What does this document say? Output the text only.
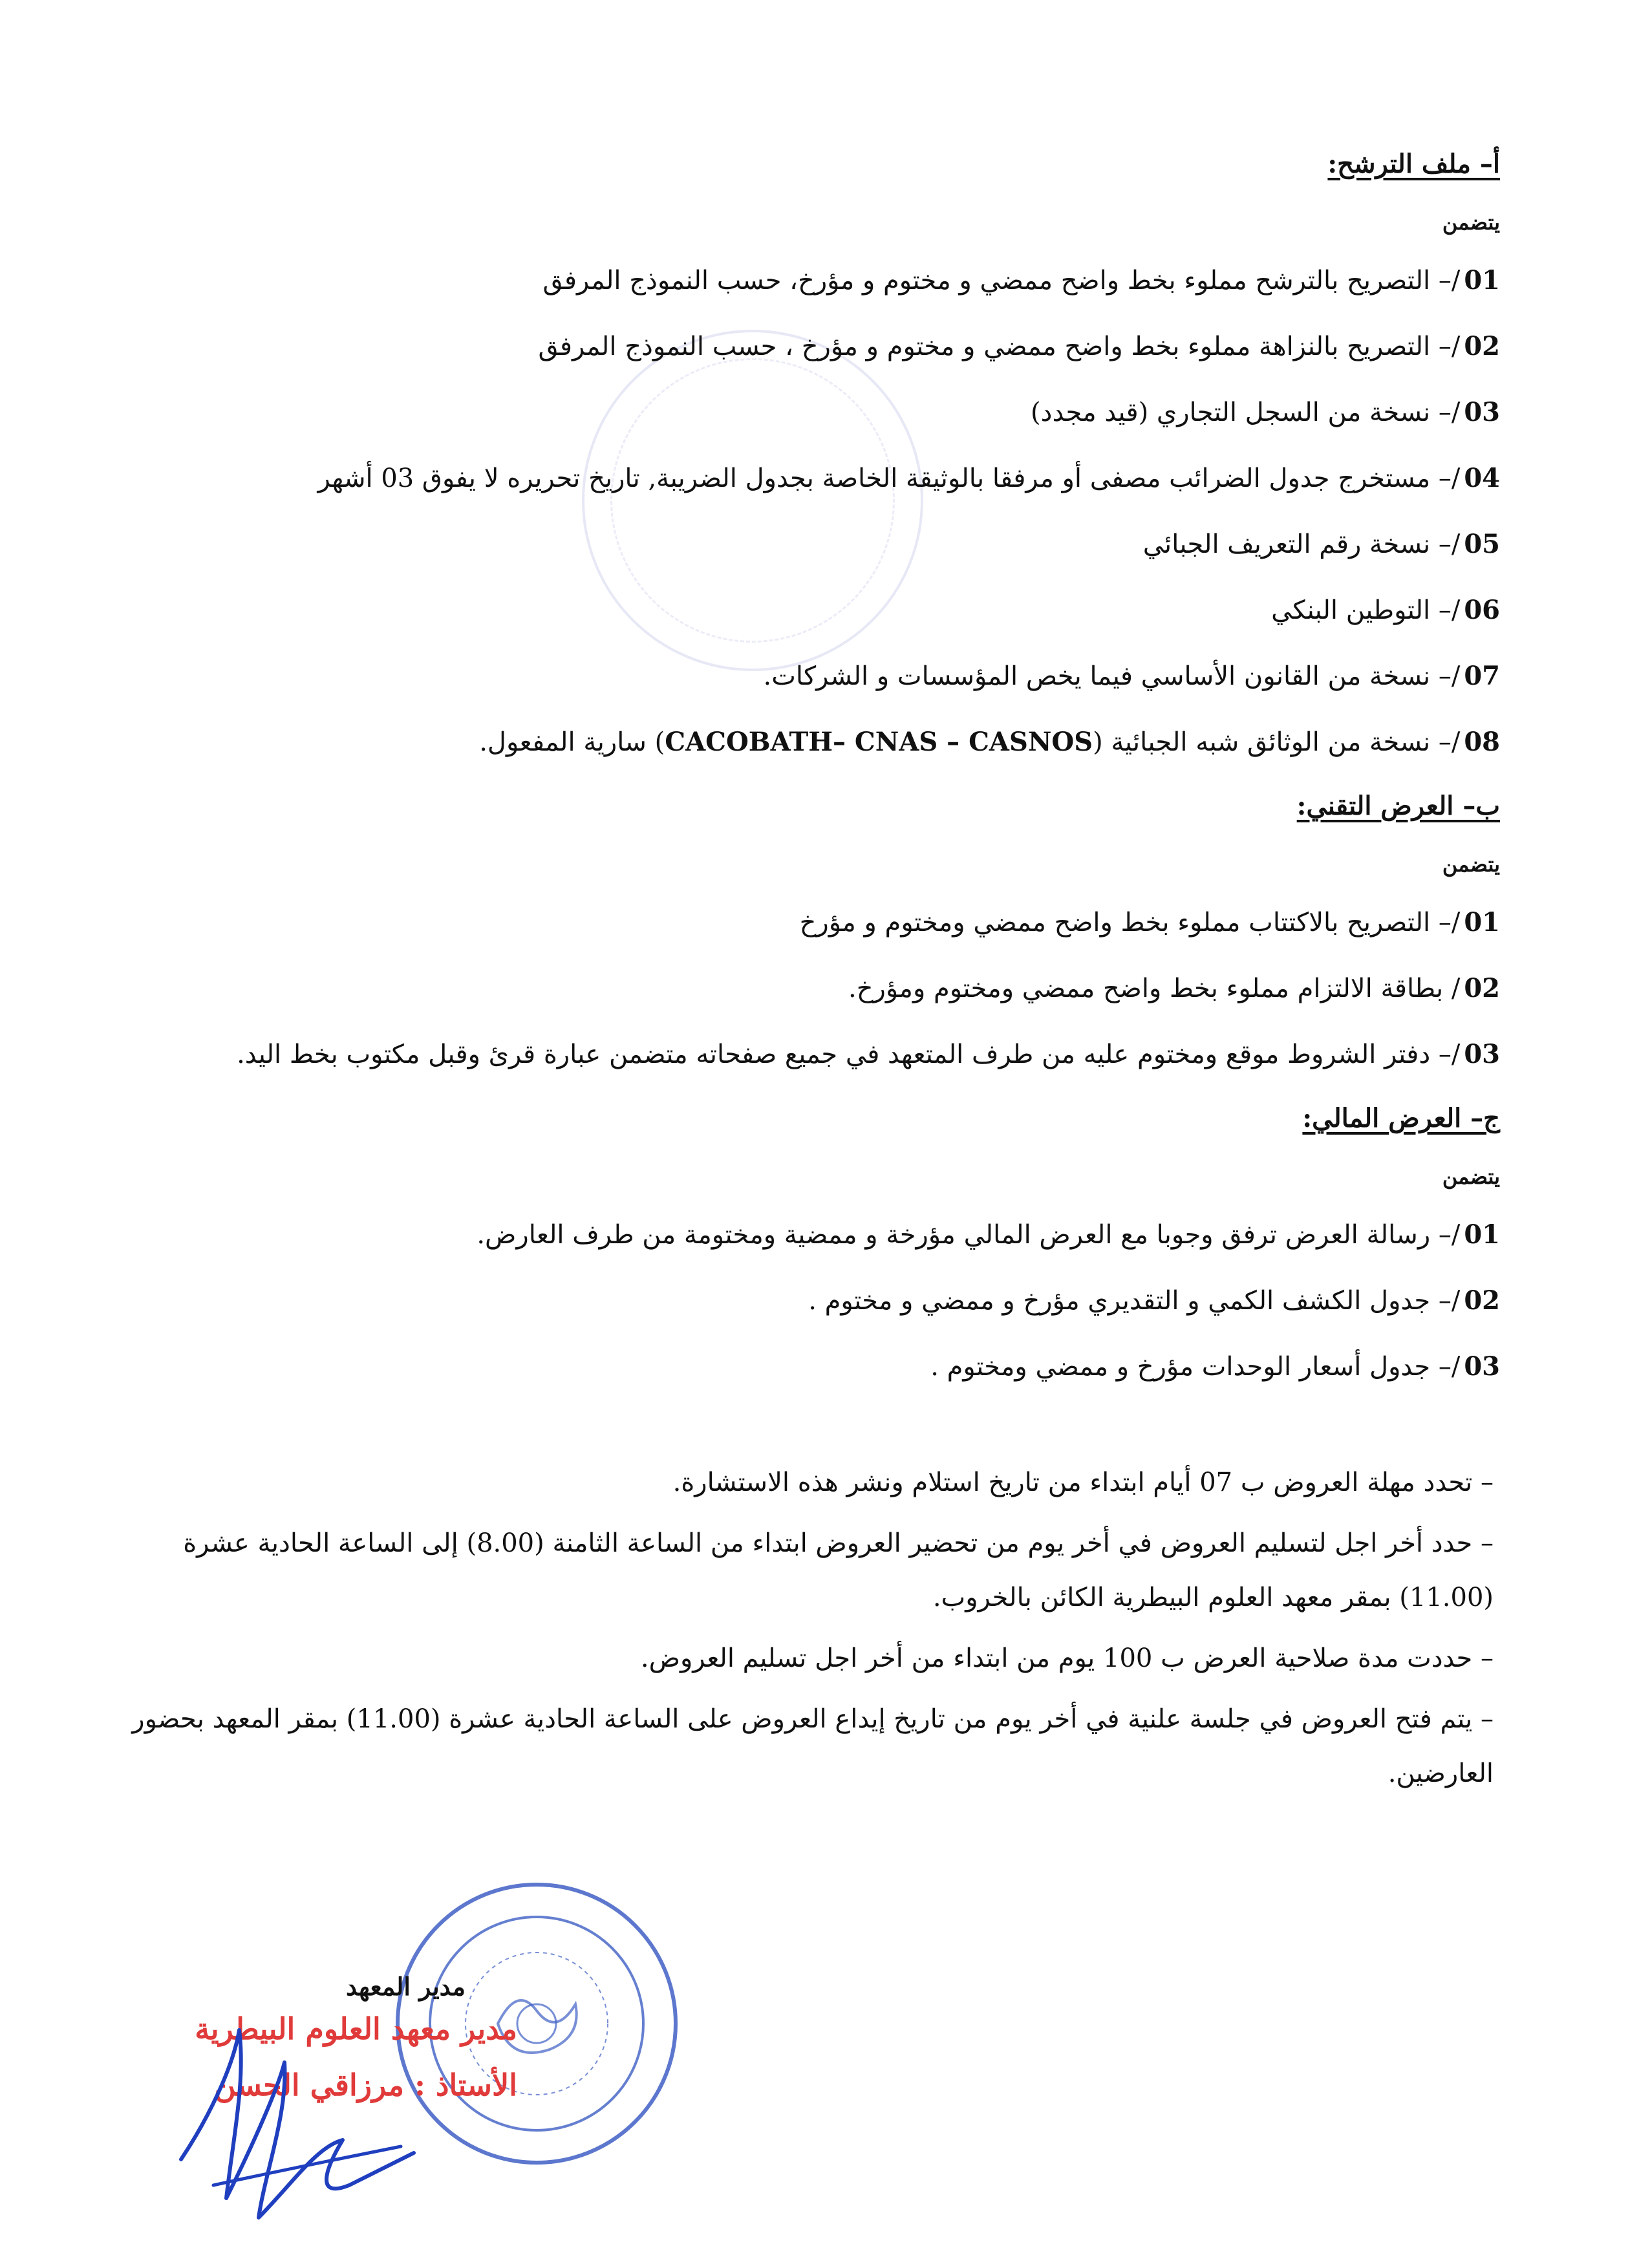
أ– ملف الترشح:
يتضمن
01/– التصريح بالترشح مملوء بخط واضح ممضي و مختوم و مؤرخ، حسب النموذج المرفق
02/– التصريح بالنزاهة مملوء بخط واضح ممضي و مختوم و مؤرخ ، حسب النموذج المرفق
03/– نسخة من السجل التجاري (قيد مجدد)
04/– مستخرج جدول الضرائب مصفى أو مرفقا بالوثيقة الخاصة بجدول الضريبة, تاريخ تحريره لا يفوق 03 أشهر
05/– نسخة رقم التعريف الجبائي
06/– التوطين البنكي
07/– نسخة من القانون الأساسي فيما يخص المؤسسات و الشركات.
08/– نسخة من الوثائق شبه الجبائية (CACOBATH– CNAS – CASNOS) سارية المفعول.
ب– العرض التقني:
يتضمن
01/– التصريح بالاكتتاب مملوء بخط واضح ممضي ومختوم و مؤرخ
02/ بطاقة الالتزام مملوء بخط واضح ممضي ومختوم ومؤرخ.
03/– دفتر الشروط موقع ومختوم عليه من طرف المتعهد في جميع صفحاته متضمن عبارة قرئ وقبل مكتوب بخط اليد.
ج– العرض المالي:
يتضمن
01/– رسالة العرض ترفق وجوبا مع العرض المالي مؤرخة و ممضية ومختومة من طرف العارض.
02/– جدول الكشف الكمي و التقديري مؤرخ و ممضي و مختوم .
03/– جدول أسعار الوحدات مؤرخ و ممضي ومختوم .
– تحدد مهلة العروض ب 07 أيام ابتداء من تاريخ استلام ونشر هذه الاستشارة.
– حدد أخر اجل لتسليم العروض في أخر يوم من تحضير العروض ابتداء من الساعة الثامنة (8.00) إلى الساعة الحادية عشرة (11.00) بمقر معهد العلوم البيطرية الكائن بالخروب.
– حددت مدة صلاحية العرض ب 100 يوم من ابتداء من أخر اجل تسليم العروض.
– يتم فتح العروض في جلسة علنية في أخر يوم من تاريخ إيداع العروض على الساعة الحادية عشرة (11.00) بمقر المعهد بحضور العارضين.
مدير المعهد
مدير معهد العلوم البيطرية
الأستاذ : مرزاقي الحسن
